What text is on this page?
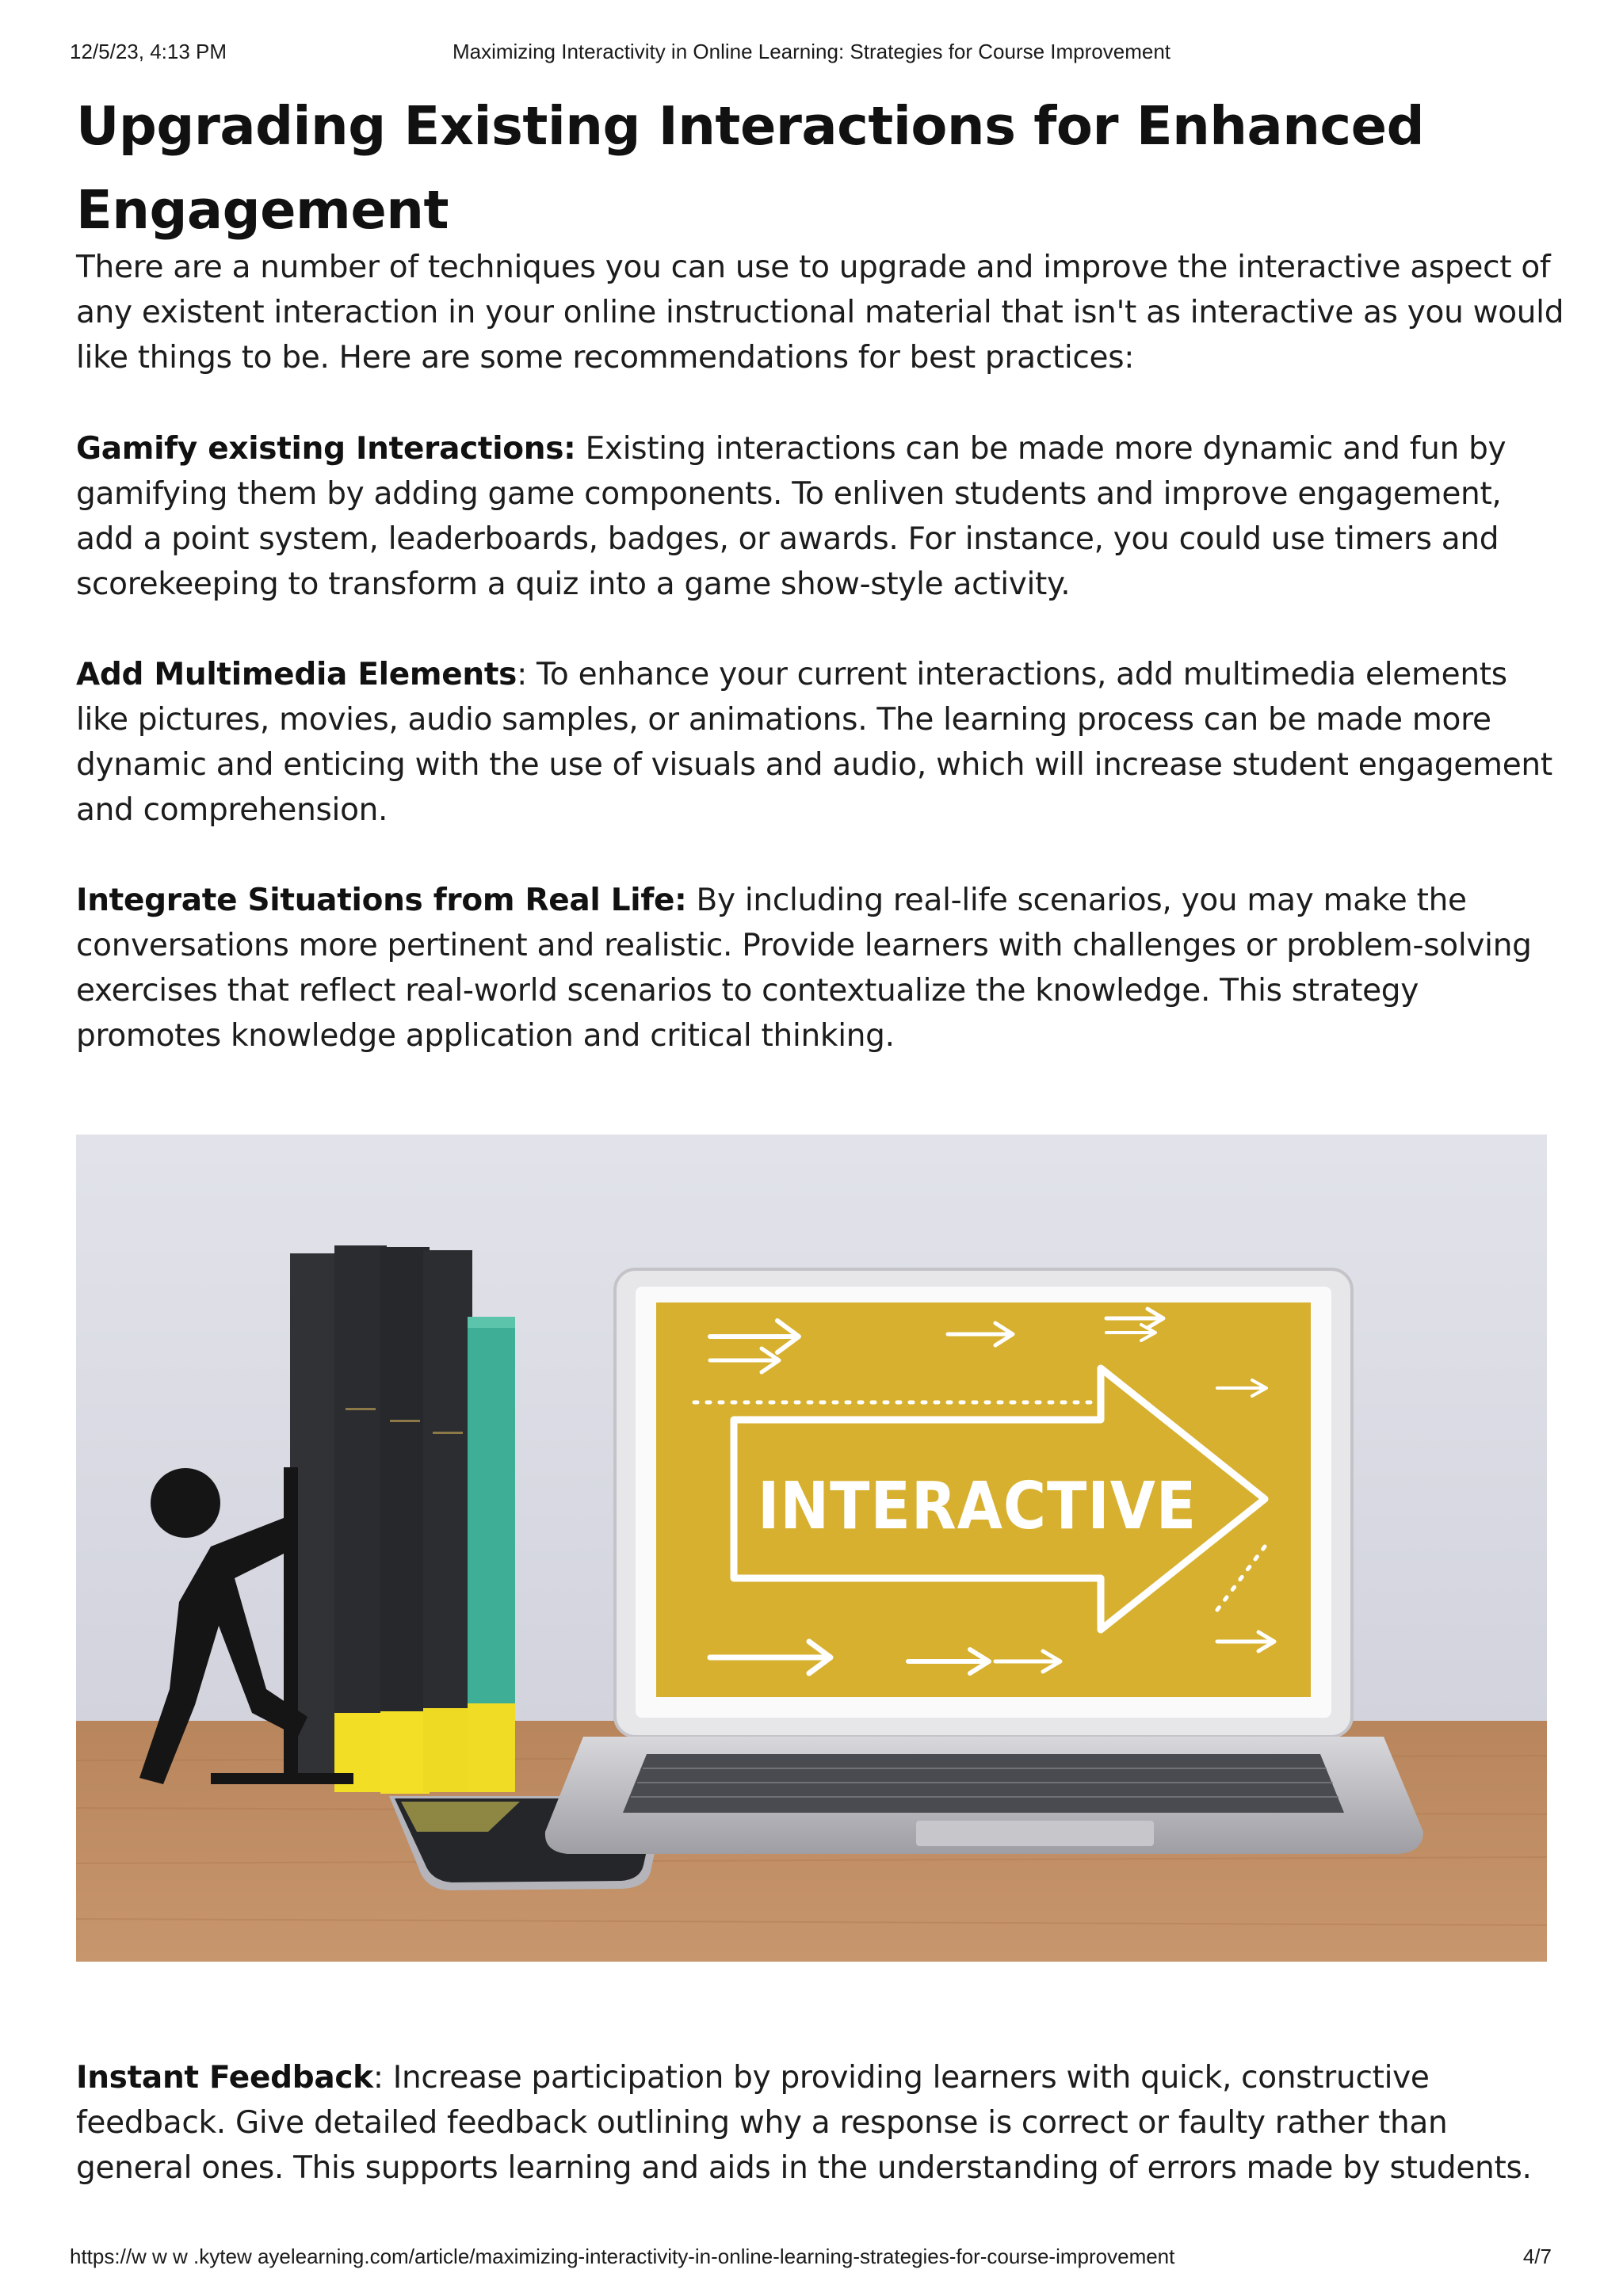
12/5/23, 4:13 PM	Maximizing Interactivity in Online Learning: Strategies for Course Improvement
Upgrading Existing Interactions for Enhanced Engagement

There are a number of techniques you can use to upgrade and improve the interactive aspect of any existent interaction in your online instructional material that isn't as interactive as you would like things to be. Here are some recommendations for best practices:

Gamify existing Interactions: Existing interactions can be made more dynamic and fun by gamifying them by adding game components. To enliven students and improve engagement, add a point system, leaderboards, badges, or awards. For instance, you could use timers and scorekeeping to transform a quiz into a game show-style activity.

Add Multimedia Elements: To enhance your current interactions, add multimedia elements like pictures, movies, audio samples, or animations. The learning process can be made more dynamic and enticing with the use of visuals and audio, which will increase student engagement and comprehension.

Integrate Situations from Real Life: By including real-life scenarios, you may make the conversations more pertinent and realistic. Provide learners with challenges or problem-solving exercises that reflect real-world scenarios to contextualize the knowledge. This strategy promotes knowledge application and critical thinking.

Instant Feedback: Increase participation by providing learners with quick, constructive feedback. Give detailed feedback outlining why a response is correct or faulty rather than general ones. This supports learning and aids in the understanding of errors made by students.

INTERACTIVE
https://w w w .kytew ayelearning.com/article/maximizing-interactivity-in-online-learning-strategies-for-course-improvement	4/7
